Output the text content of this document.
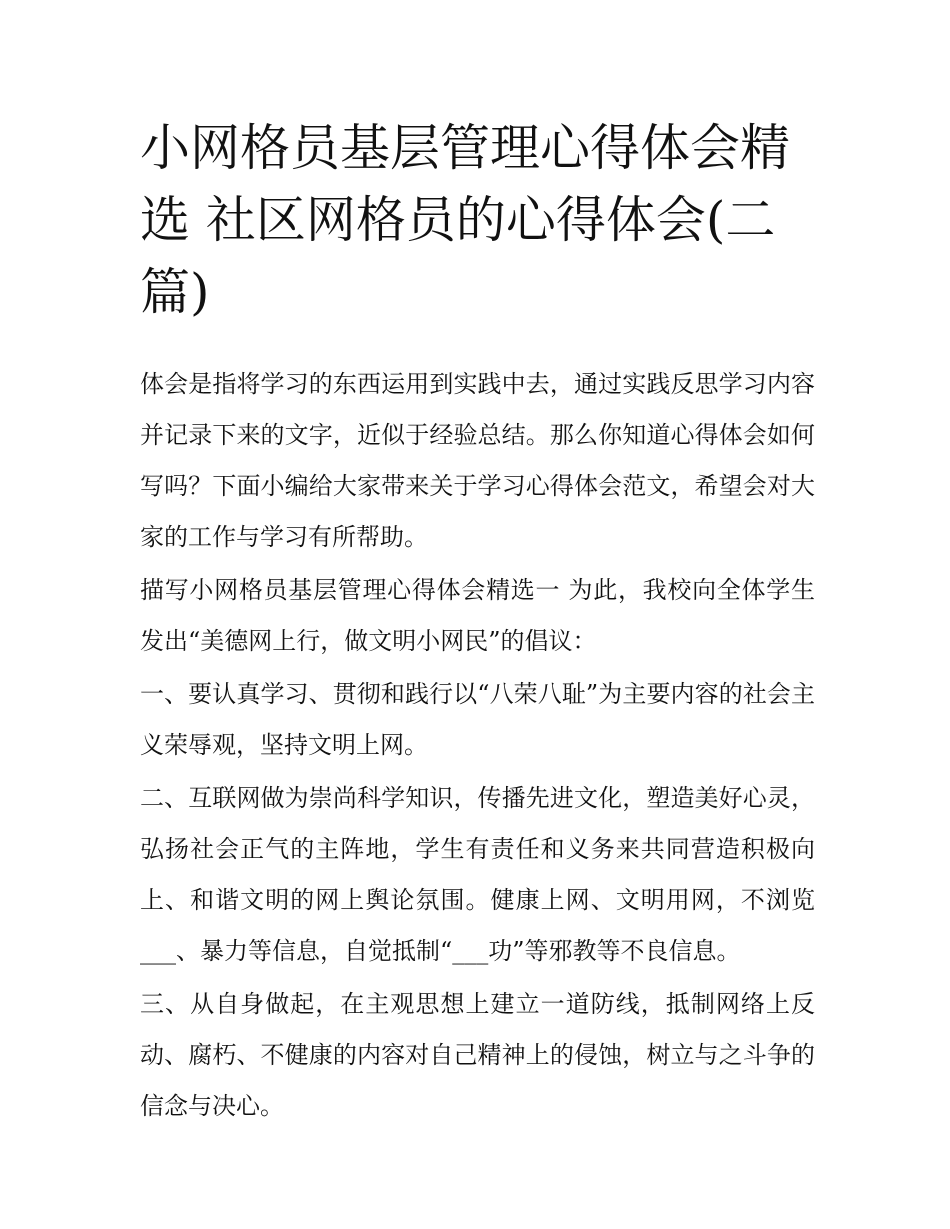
小网格员基层管理心得体会精选 社区网格员的心得体会(二篇)

体会是指将学习的东西运用到实践中去，通过实践反思学习内容并记录下来的文字，近似于经验总结。那么你知道心得体会如何写吗？下面小编给大家带来关于学习心得体会范文，希望会对大家的工作与学习有所帮助。

描写小网格员基层管理心得体会精选一 为此，我校向全体学生发出“美德网上行，做文明小网民”的倡议：

一、要认真学习、贯彻和践行以“八荣八耻”为主要内容的社会主义荣辱观，坚持文明上网。

二、互联网做为崇尚科学知识，传播先进文化，塑造美好心灵，弘扬社会正气的主阵地，学生有责任和义务来共同营造积极向上、和谐文明的网上舆论氛围。健康上网、文明用网，不浏览___、暴力等信息，自觉抵制“___功”等邪教等不良信息。

三、从自身做起，在主观思想上建立一道防线，抵制网络上反动、腐朽、不健康的内容对自己精神上的侵蚀，树立与之斗争的信念与决心。
